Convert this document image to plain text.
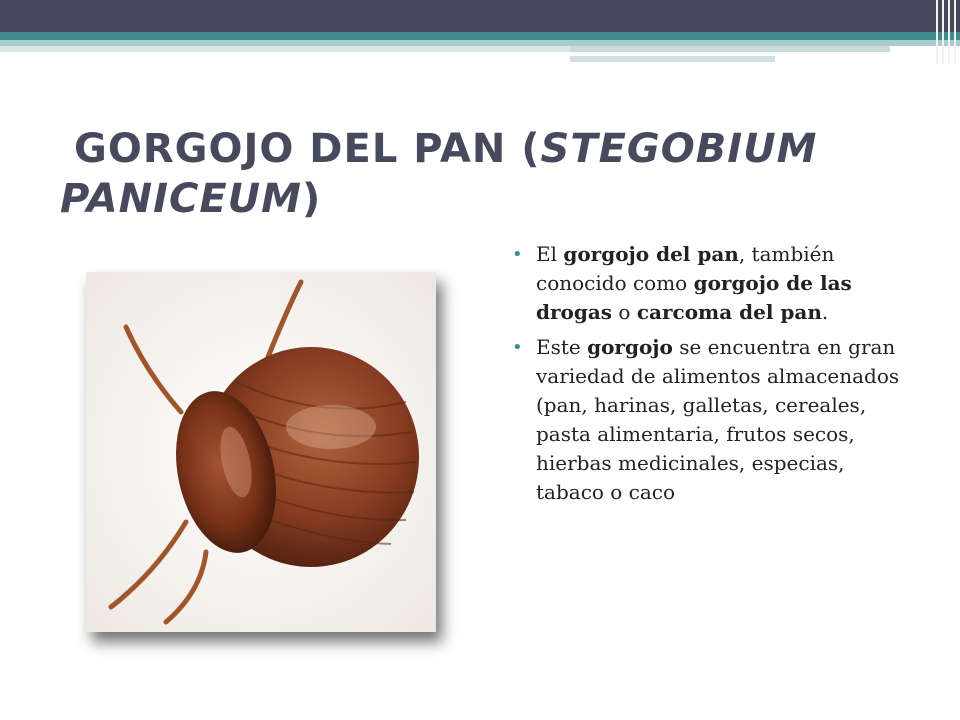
GORGOJO DEL PAN (STEGOBIUM
PANICEUM)
• El gorgojo del pan, también conocido como gorgojo de las drogas o carcoma del pan.
• Este gorgojo se encuentra en gran variedad de alimentos almacenados (pan, harinas, galletas, cereales, pasta alimentaria, frutos secos, hierbas medicinales, especias, tabaco o caco
